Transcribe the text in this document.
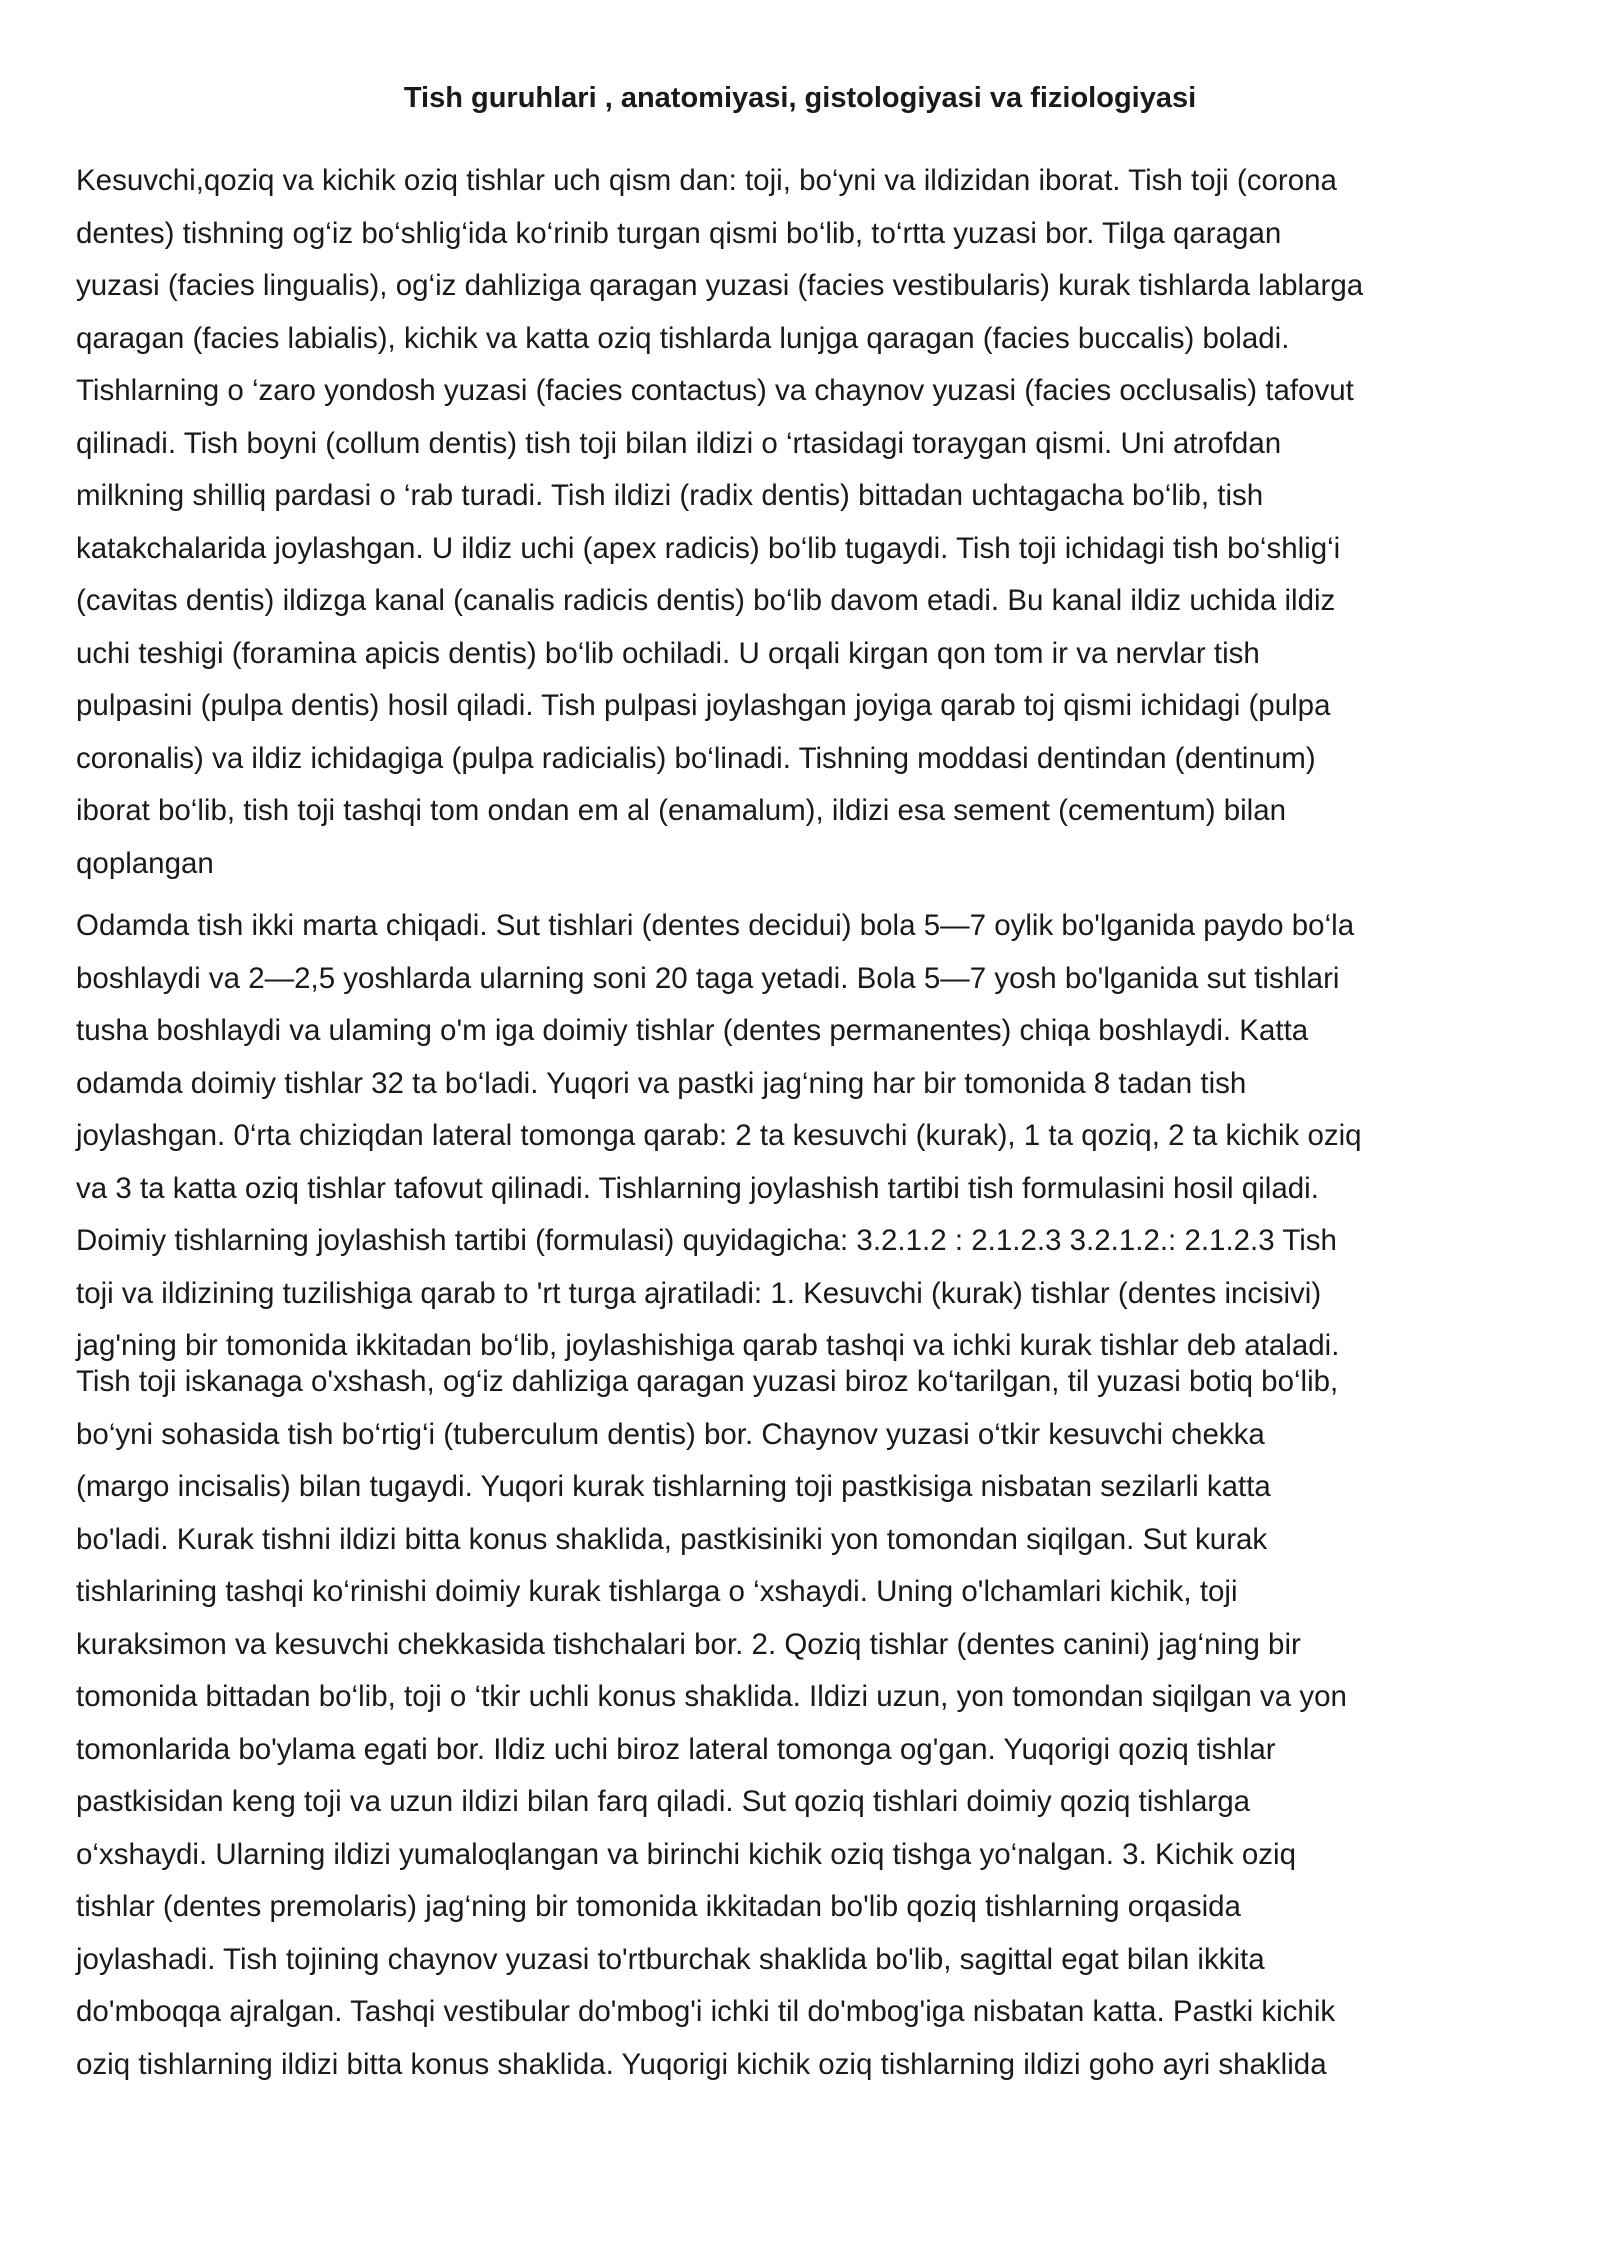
Tish guruhlari , anatomiyasi, gistologiyasi va fiziologiyasi

Kesuvchi,qoziq va kichik oziq tishlar uch qism dan: toji, bo‘yni va ildizidan iborat. Tish toji (corona
dentes) tishning og‘iz bo‘shlig‘ida ko‘rinib turgan qismi bo‘lib, to‘rtta yuzasi bor. Tilga qaragan
yuzasi (facies lingualis), og‘iz dahliziga qaragan yuzasi (facies vestibularis) kurak tishlarda lablarga
qaragan (facies labialis), kichik va katta oziq tishlarda lunjga qaragan (facies buccalis) boladi.
Tishlarning o ‘zaro yondosh yuzasi (facies contactus) va chaynov yuzasi (facies occlusalis) tafovut
qilinadi. Tish boyni (collum dentis) tish toji bilan ildizi o ‘rtasidagi toraygan qismi. Uni atrofdan
milkning shilliq pardasi o ‘rab turadi. Tish ildizi (radix dentis) bittadan uchtagacha bo‘lib, tish
katakchalarida joylashgan. U ildiz uchi (apex radicis) bo‘lib tugaydi. Tish toji ichidagi tish bo‘shlig‘i
(cavitas dentis) ildizga kanal (canalis radicis dentis) bo‘lib davom etadi. Bu kanal ildiz uchida ildiz
uchi teshigi (foramina apicis dentis) bo‘lib ochiladi. U orqali kirgan qon tom ir va nervlar tish
pulpasini (pulpa dentis) hosil qiladi. Tish pulpasi joylashgan joyiga qarab toj qismi ichidagi (pulpa
coronalis) va ildiz ichidagiga (pulpa radicialis) bo‘linadi. Tishning moddasi dentindan (dentinum)
iborat bo‘lib, tish toji tashqi tom ondan em al (enamalum), ildizi esa sement (cementum) bilan
qoplangan

Odamda tish ikki marta chiqadi. Sut tishlari (dentes decidui) bola 5—7 oylik bo'lganida paydo bo‘la
boshlaydi va 2—2,5 yoshlarda ularning soni 20 taga yetadi. Bola 5—7 yosh bo'lganida sut tishlari
tusha boshlaydi va ulaming o'm iga doimiy tishlar (dentes permanentes) chiqa boshlaydi. Katta
odamda doimiy tishlar 32 ta bo‘ladi. Yuqori va pastki jag‘ning har bir tomonida 8 tadan tish
joylashgan. 0‘rta chiziqdan lateral tomonga qarab: 2 ta kesuvchi (kurak), 1 ta qoziq, 2 ta kichik oziq
va 3 ta katta oziq tishlar tafovut qilinadi. Tishlarning joylashish tartibi tish formulasini hosil qiladi.
Doimiy tishlarning joylashish tartibi (formulasi) quyidagicha: 3.2.1.2 : 2.1.2.3 3.2.1.2.: 2.1.2.3 Tish
toji va ildizining tuzilishiga qarab to 'rt turga ajratiladi: 1. Kesuvchi (kurak) tishlar (dentes incisivi)
jag'ning bir tomonida ikkitadan bo‘lib, joylashishiga qarab tashqi va ichki kurak tishlar deb ataladi.

Tish toji iskanaga o'xshash, og‘iz dahliziga qaragan yuzasi biroz ko‘tarilgan, til yuzasi botiq bo‘lib,
bo‘yni sohasida tish bo‘rtig‘i (tuberculum dentis) bor. Chaynov yuzasi o‘tkir kesuvchi chekka
(margo incisalis) bilan tugaydi. Yuqori kurak tishlarning toji pastkisiga nisbatan sezilarli katta
bo'ladi. Kurak tishni ildizi bitta konus shaklida, pastkisiniki yon tomondan siqilgan. Sut kurak
tishlarining tashqi ko‘rinishi doimiy kurak tishlarga o ‘xshaydi. Uning o'lchamlari kichik, toji
kuraksimon va kesuvchi chekkasida tishchalari bor. 2. Qoziq tishlar (dentes canini) jag‘ning bir
tomonida bittadan bo‘lib, toji o ‘tkir uchli konus shaklida. Ildizi uzun, yon tomondan siqilgan va yon
tomonlarida bo'ylama egati bor. Ildiz uchi biroz lateral tomonga og'gan. Yuqorigi qoziq tishlar
pastkisidan keng toji va uzun ildizi bilan farq qiladi. Sut qoziq tishlari doimiy qoziq tishlarga
o‘xshaydi. Ularning ildizi yumaloqlangan va birinchi kichik oziq tishga yo‘nalgan. 3. Kichik oziq
tishlar (dentes premolaris) jag‘ning bir tomonida ikkitadan bo'lib qoziq tishlarning orqasida
joylashadi. Tish tojining chaynov yuzasi to'rtburchak shaklida bo'lib, sagittal egat bilan ikkita
do'mboqqa ajralgan. Tashqi vestibular do'mbog'i ichki til do'mbog'iga nisbatan katta. Pastki kichik
oziq tishlarning ildizi bitta konus shaklida. Yuqorigi kichik oziq tishlarning ildizi goho ayri shaklida
